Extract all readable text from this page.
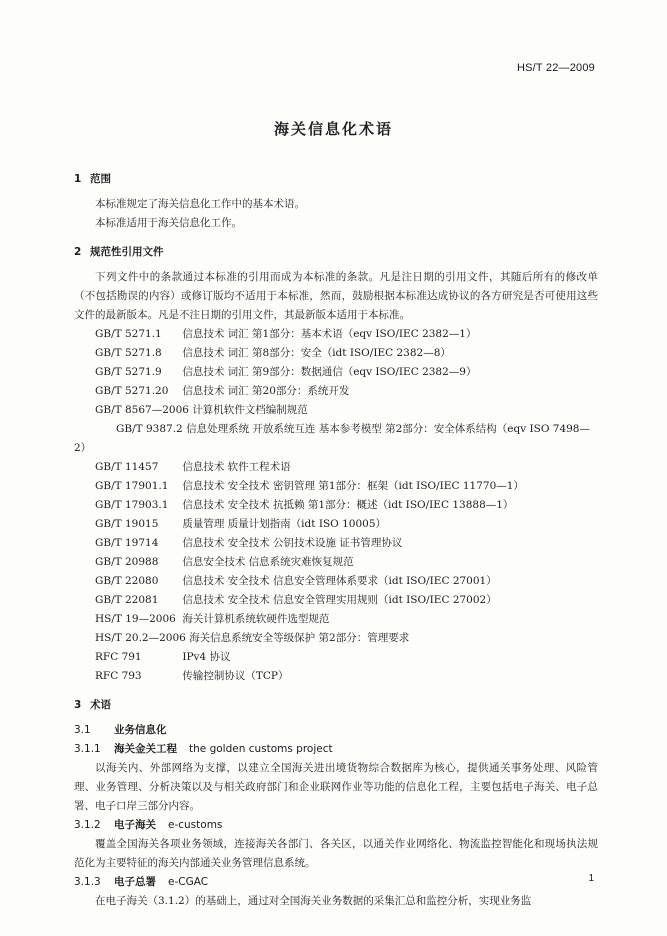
HS/T 22—2009
海关信息化术语
1 范围

本标准规定了海关信息化工作中的基本术语。

本标准适用于海关信息化工作。

2 规范性引用文件

下列文件中的条款通过本标准的引用而成为本标准的条款。凡是注日期的引用文件，其随后所有的修改单（不包括勘误的内容）或修订版均不适用于本标准，然而，鼓励根据本标准达成协议的各方研究是否可使用这些文件的最新版本。凡是不注日期的引用文件，其最新版本适用于本标准。

GB/T 5271.1 信息技术 词汇 第1部分：基本术语（eqv ISO/IEC 2382—1）
GB/T 5271.8 信息技术 词汇 第8部分：安全（idt ISO/IEC 2382—8）
GB/T 5271.9 信息技术 词汇 第9部分：数据通信（eqv ISO/IEC 2382—9）
GB/T 5271.20 信息技术 词汇 第20部分：系统开发
GB/T 8567—2006 计算机软件文档编制规范
GB/T 9387.2 信息处理系统 开放系统互连 基本参考模型 第2部分：安全体系结构（eqv ISO 7498—2）
GB/T 11457 信息技术 软件工程术语
GB/T 17901.1 信息技术 安全技术 密钥管理 第1部分：框架（idt ISO/IEC 11770—1）
GB/T 17903.1 信息技术 安全技术 抗抵赖 第1部分：概述（idt ISO/IEC 13888—1）
GB/T 19015 质量管理 质量计划指南（idt ISO 10005）
GB/T 19714 信息技术 安全技术 公钥技术设施 证书管理协议
GB/T 20988 信息安全技术 信息系统灾难恢复规范
GB/T 22080 信息技术 安全技术 信息安全管理体系要求（idt ISO/IEC 27001）
GB/T 22081 信息技术 安全技术 信息安全管理实用规则（idt ISO/IEC 27002）
HS/T 19—2006 海关计算机系统软硬件选型规范
HS/T 20.2—2006 海关信息系统安全等级保护 第2部分：管理要求
RFC 791	IPv4 协议
RFC 793	传输控制协议（TCP）
3 术语
3.1 业务信息化
3.1.1 海关金关工程 the golden customs project

以海关内、外部网络为支撑，以建立全国海关进出境货物综合数据库为核心，提供通关事务处理、风险管理、业务管理、分析决策以及与相关政府部门和企业联网作业等功能的信息化工程，主要包括电子海关、电子总署、电子口岸三部分内容。

3.1.2 电子海关 e-customs

覆盖全国海关各项业务领域，连接海关各部门、各关区，以通关作业网络化、物流监控智能化和现场执法规范化为主要特征的海关内部通关业务管理信息系统。

3.1.3 电子总署 e-CGAC

在电子海关（3.1.2）的基础上，通过对全国海关业务数据的采集汇总和监控分析，实现业务监

1
